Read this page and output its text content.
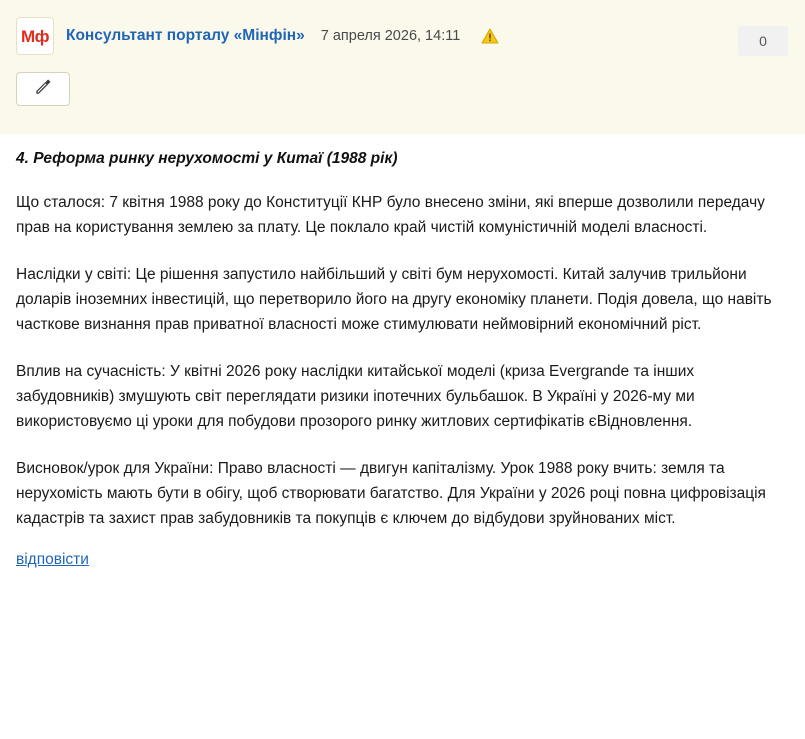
Мф Консультант порталу «Мінфін» 7 апреля 2026, 14:11	0
4. Реформа ринку нерухомості у Китаї (1988 рік)

Що сталося: 7 квітня 1988 року до Конституції КНР було внесено зміни, які вперше дозволили передачу прав на користування землею за плату. Це поклало край чистій комуністичній моделі власності.

Наслідки у світі: Це рішення запустило найбільший у світі бум нерухомості. Китай залучив трильйони доларів іноземних інвестицій, що перетворило його на другу економіку планети. Подія довела, що навіть часткове визнання прав приватної власності може стимулювати неймовірний економічний ріст.

Вплив на сучасність: У квітні 2026 року наслідки китайської моделі (криза Evergrande та інших забудовників) змушують світ переглядати ризики іпотечних бульбашок. В Україні у 2026-му ми використовуємо ці уроки для побудови прозорого ринку житлових сертифікатів єВідновлення.

Висновок/урок для України: Право власності — двигун капіталізму. Урок 1988 року вчить: земля та нерухомість мають бути в обігу, щоб створювати багатство. Для України у 2026 році повна цифровізація кадастрів та захист прав забудовників та покупців є ключем до відбудови зруйнованих міст.

відповісти
